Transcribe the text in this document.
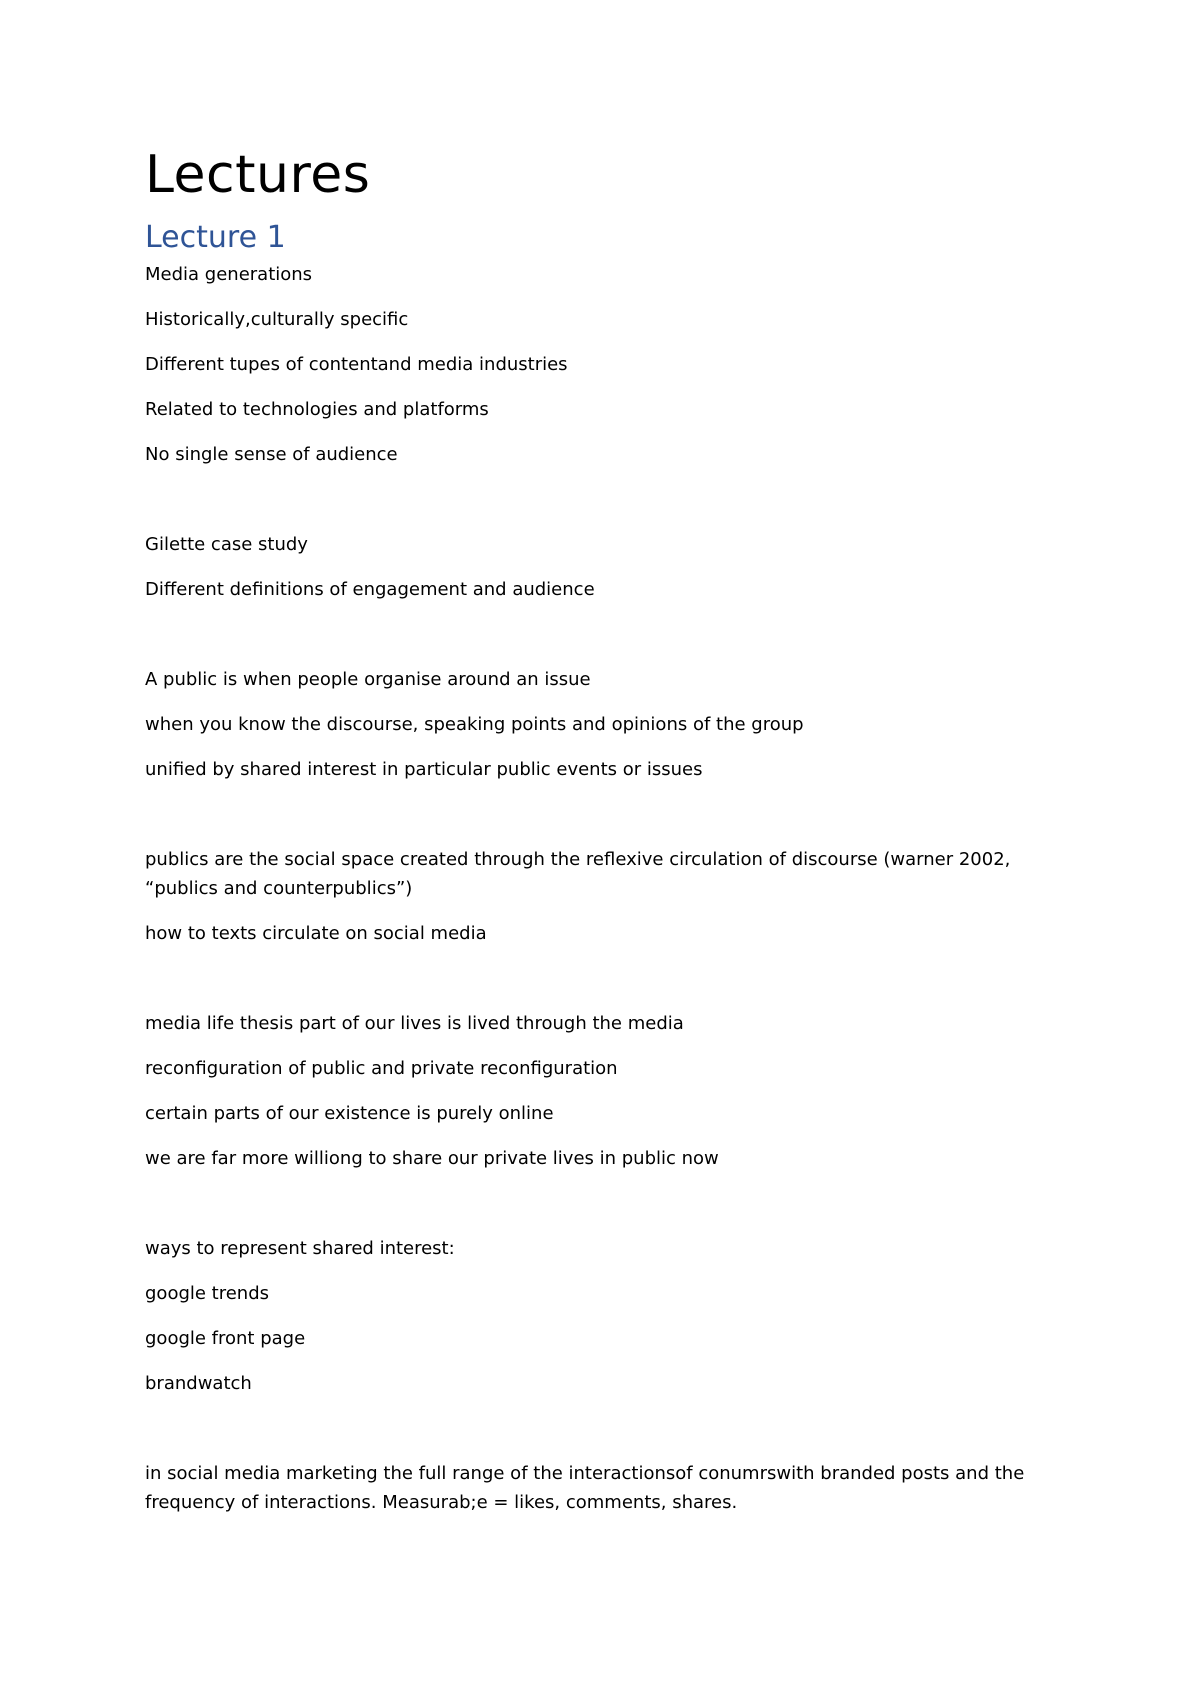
Lectures
Lecture 1

Media generations

Historically,culturally specific

Different tupes of contentand media industries

Related to technologies and platforms

No single sense of audience

Gilette case study

Different definitions of engagement and audience

A public is when people organise around an issue

when you know the discourse, speaking points and opinions of the group

unified by shared interest in particular public events or issues

publics are the social space created through the reflexive circulation of discourse (warner 2002, “publics and counterpublics”)

how to texts circulate on social media

media life thesis part of our lives is lived through the media

reconfiguration of public and private reconfiguration

certain parts of our existence is purely online

we are far more williong to share our private lives in public now

ways to represent shared interest:

google trends

google front page

brandwatch

in social media marketing the full range of the interactionsof conumrswith branded posts and the frequency of interactions. Measurab;e = likes, comments, shares.
